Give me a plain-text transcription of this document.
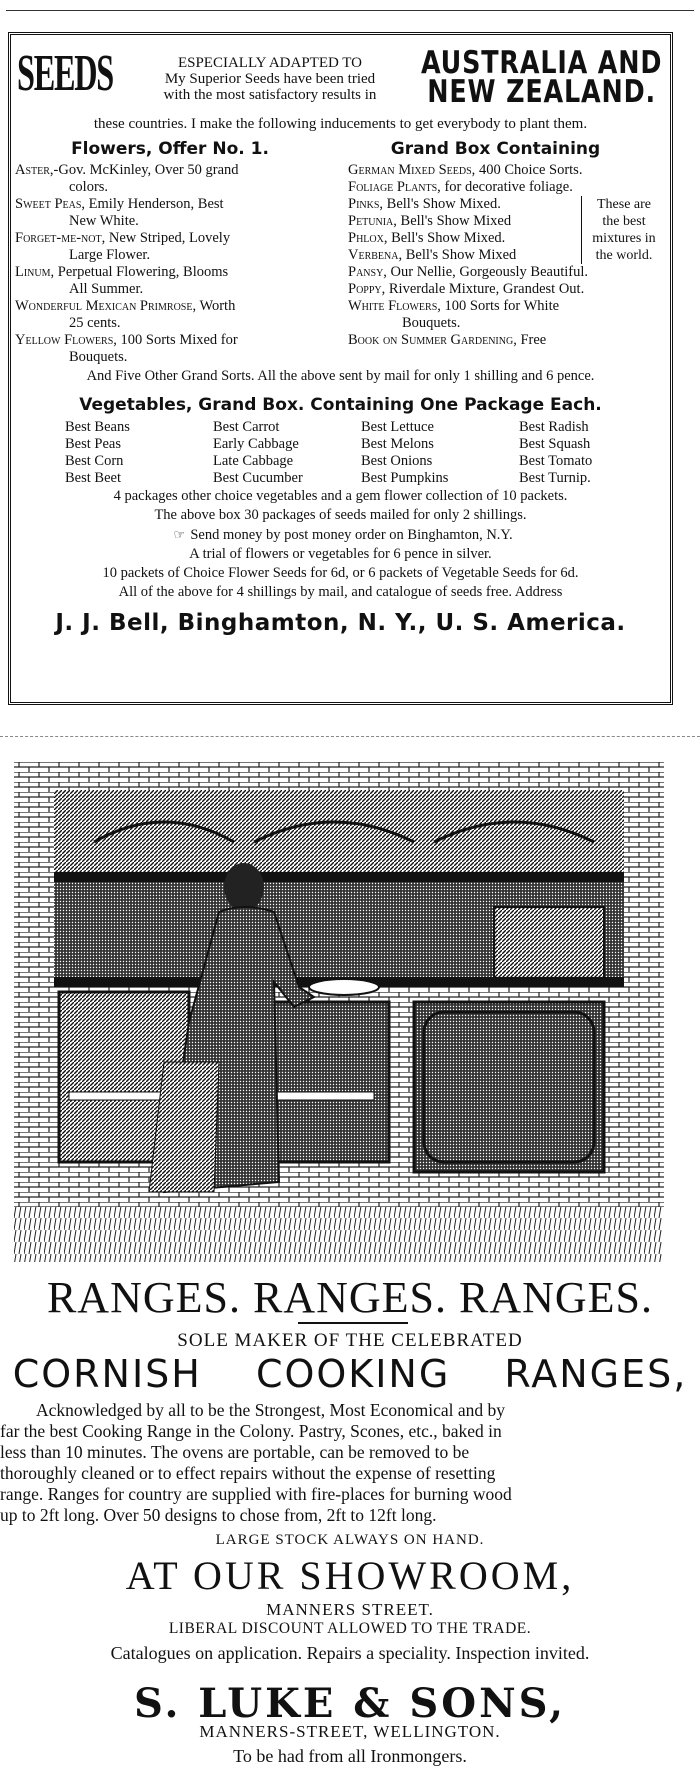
SEEDS	ESPECIALLY ADAPTED TO
My Superior Seeds have been tried
with the most satisfactory results in
AUSTRALIA AND
NEW ZEALAND.
these countries. I make the following inducements to get everybody to plant them.
Flowers, Offer No. 1.	Grand Box Containing
Aster,-Gov. McKinley, Over 50 grand
colors.
Sweet Peas, Emily Henderson, Best
New White.
Forget-me-not, New Striped, Lovely
Large Flower.
Linum, Perpetual Flowering, Blooms
All Summer.
Wonderful Mexican Primrose, Worth
25 cents.
Yellow Flowers, 100 Sorts Mixed for
Bouquets.
German Mixed Seeds, 400 Choice Sorts.
Foliage Plants, for decorative foliage.
Pinks, Bell's Show Mixed.
Petunia, Bell's Show Mixed
Phlox, Bell's Show Mixed.
Verbena, Bell's Show Mixed
These are
the best
mixtures in
the world.
Pansy, Our Nellie, Gorgeously Beautiful.
Poppy, Riverdale Mixture, Grandest Out.
White Flowers, 100 Sorts for White
Bouquets.
Book on Summer Gardening, Free
And Five Other Grand Sorts. All the above sent by mail for only 1 shilling and 6 pence.
Vegetables, Grand Box. Containing One Package Each.
Best Beans	Best Carrot	Best Lettuce	Best Radish
Best Peas	Early Cabbage	Best Melons	Best Squash
Best Corn	Late Cabbage	Best Onions	Best Tomato
Best Beet	Best Cucumber	Best Pumpkins	Best Turnip.

4 packages other choice vegetables and a gem flower collection of 10 packets.

The above box 30 packages of seeds mailed for only 2 shillings.

☞ Send money by post money order on Binghamton, N.Y.

A trial of flowers or vegetables for 6 pence in silver.

10 packets of Choice Flower Seeds for 6d, or 6 packets of Vegetable Seeds for 6d.

All of the above for 4 shillings by mail, and catalogue of seeds free. Address

J. J. Bell, Binghamton, N. Y., U. S. America.
RANGES. RANGES. RANGES.
SOLE MAKER OF THE CELEBRATED
CORNISH COOKING RANGES,
Acknowledged by all to be the Strongest, Most Economical and by
far the best Cooking Range in the Colony. Pastry, Scones, etc., baked in
less than 10 minutes. The ovens are portable, can be removed to be
thoroughly cleaned or to effect repairs without the expense of resetting
range. Ranges for country are supplied with fire-places for burning wood
up to 2ft long. Over 50 designs to chose from, 2ft to 12ft long.
LARGE STOCK ALWAYS ON HAND.
AT OUR SHOWROOM,
MANNERS STREET.
LIBERAL DISCOUNT ALLOWED TO THE TRADE.
Catalogues on application. Repairs a speciality. Inspection invited.
S. LUKE & SONS,
MANNERS-STREET, WELLINGTON.
To be had from all Ironmongers.
